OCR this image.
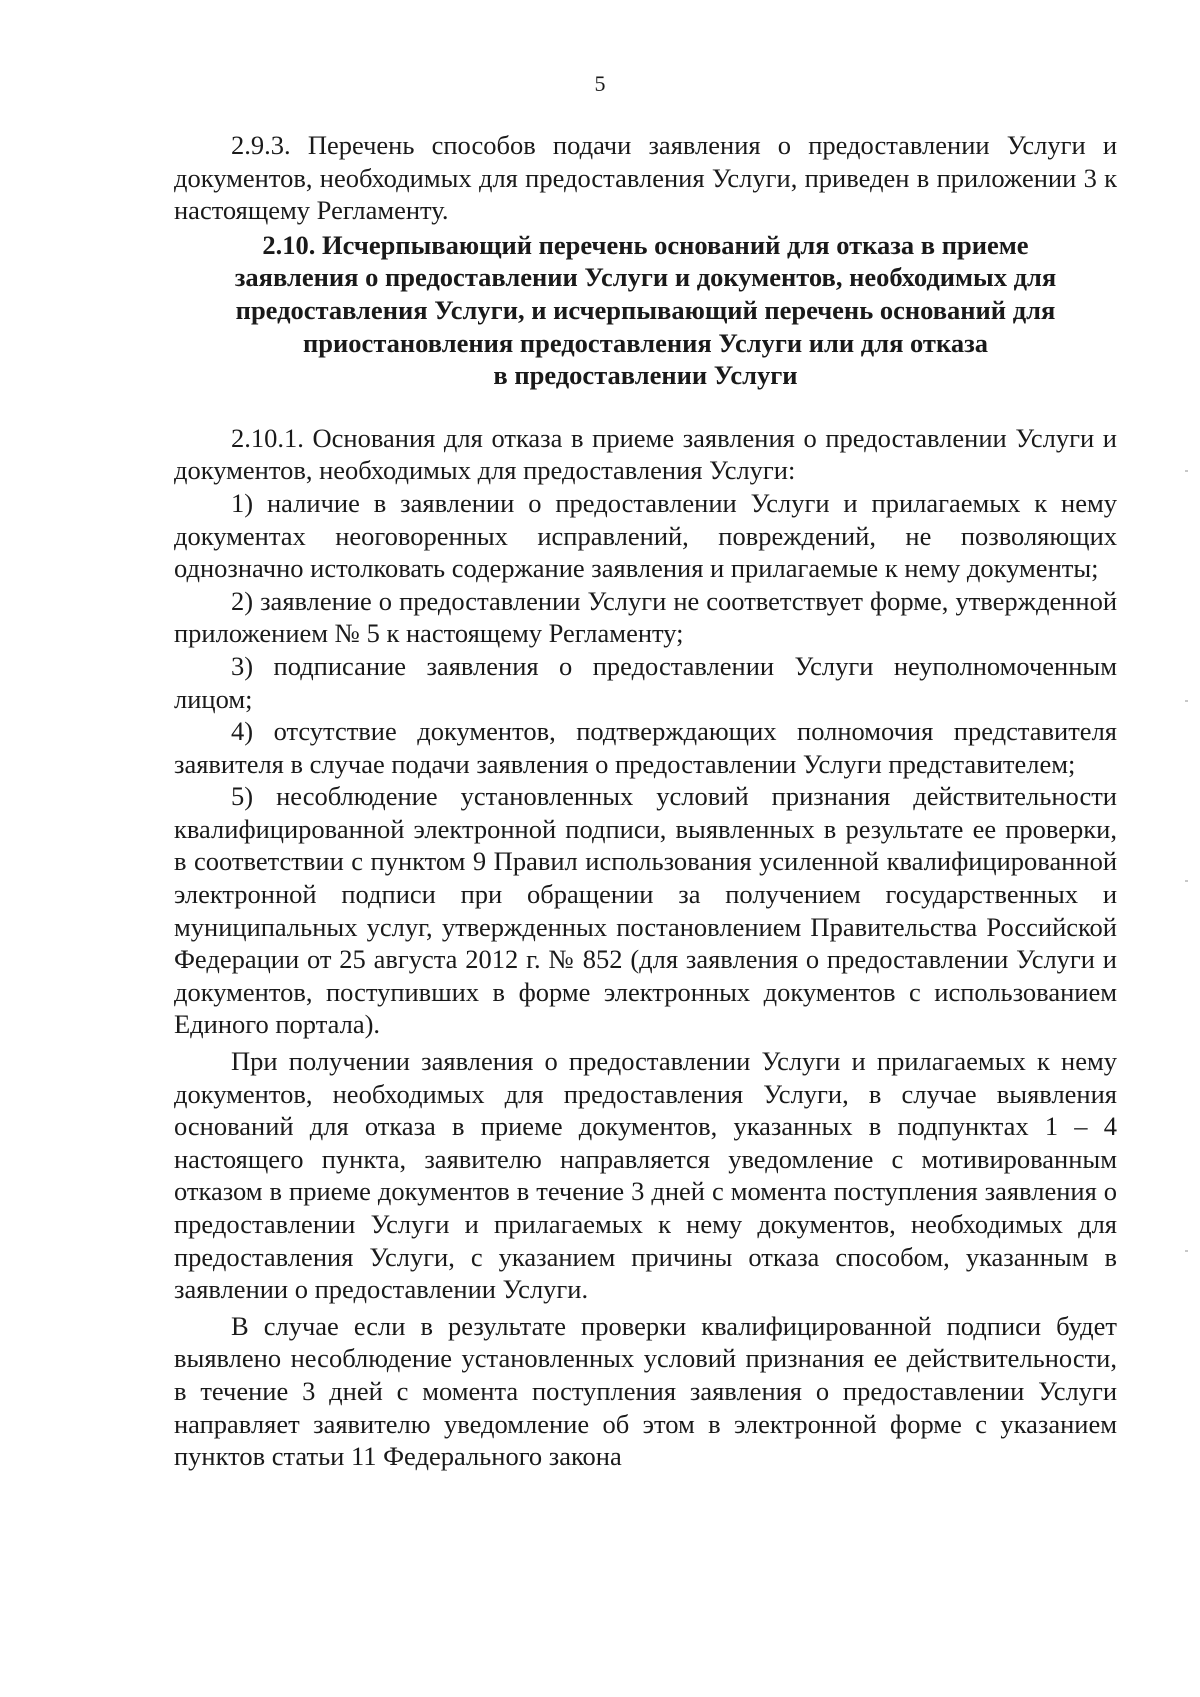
5

2.9.3. Перечень способов подачи заявления о предоставлении Услуги и документов, необходимых для предоставления Услуги, приведен в приложении 3 к настоящему Регламенту.

2.10. Исчерпывающий перечень оснований для отказа в приеме
заявления о предоставлении Услуги и документов, необходимых для
предоставления Услуги, и исчерпывающий перечень оснований для
приостановления предоставления Услуги или для отказа
в предоставлении Услуги

2.10.1. Основания для отказа в приеме заявления о предоставлении Услуги и документов, необходимых для предоставления Услуги:

1) наличие в заявлении о предоставлении Услуги и прилагаемых к нему документах неоговоренных исправлений, повреждений, не позволяющих однозначно истолковать содержание заявления и прилагаемые к нему документы;

2) заявление о предоставлении Услуги не соответствует форме, утвержденной приложением № 5 к настоящему Регламенту;

3) подписание заявления о предоставлении Услуги неуполномоченным лицом;

4) отсутствие документов, подтверждающих полномочия представителя заявителя в случае подачи заявления о предоставлении Услуги представителем;

5) несоблюдение установленных условий признания действительности квалифицированной электронной подписи, выявленных в результате ее проверки, в соответствии с пунктом 9 Правил использования усиленной квалифицированной электронной подписи при обращении за получением государственных и муниципальных услуг, утвержденных постановлением Правительства Российской Федерации от 25 августа 2012 г. № 852 (для заявления о предоставлении Услуги и документов, поступивших в форме электронных документов с использованием Единого портала).

При получении заявления о предоставлении Услуги и прилагаемых к нему документов, необходимых для предоставления Услуги, в случае выявления оснований для отказа в приеме документов, указанных в подпунктах 1 – 4 настоящего пункта, заявителю направляется уведомление с мотивированным отказом в приеме документов в течение 3 дней с момента поступления заявления о предоставлении Услуги и прилагаемых к нему документов, необходимых для предоставления Услуги, с указанием причины отказа способом, указанным в заявлении о предоставлении Услуги.

В случае если в результате проверки квалифицированной подписи будет выявлено несоблюдение установленных условий признания ее действительности, в течение 3 дней с момента поступления заявления о предоставлении Услуги направляет заявителю уведомление об этом в электронной форме с указанием пунктов статьи 11 Федерального закона
